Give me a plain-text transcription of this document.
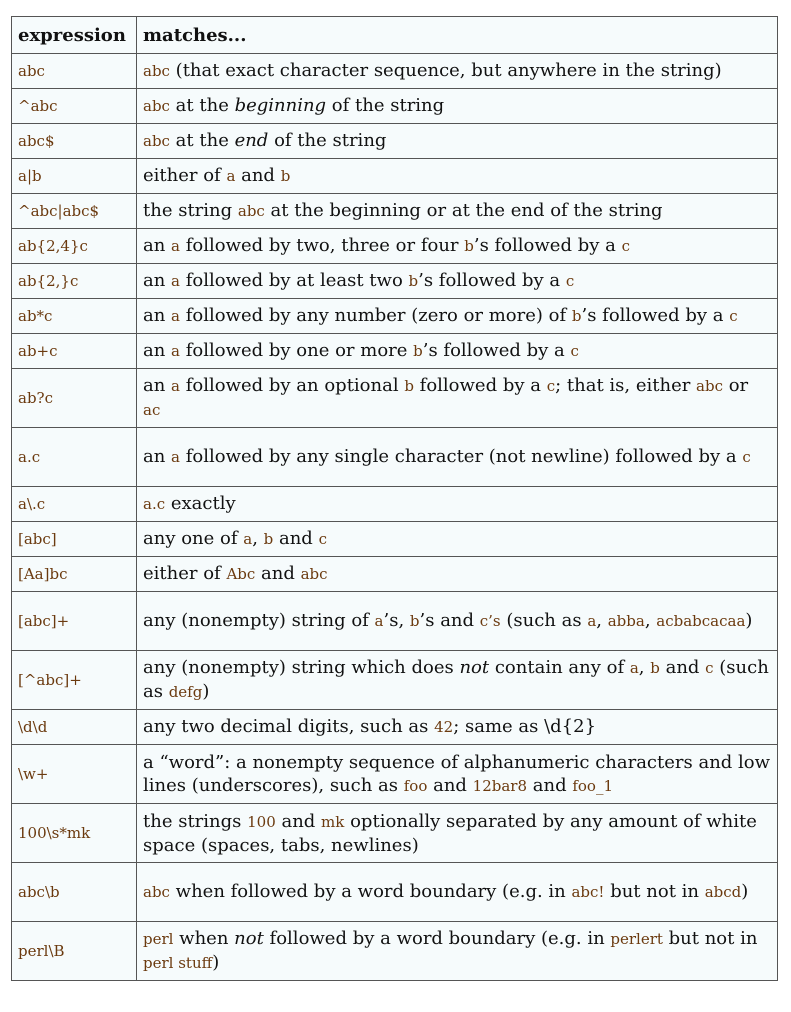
expression	matches...
abc	abc (that exact character sequence, but anywhere in the string)
^abc	abc at the beginning of the string
abc$	abc at the end of the string
a|b	either of a and b
^abc|abc$	the string abc at the beginning or at the end of the string
ab{2,4}c	an a followed by two, three or four b’s followed by a c
ab{2,}c	an a followed by at least two b’s followed by a c
ab*c	an a followed by any number (zero or more) of b’s followed by a c
ab+c	an a followed by one or more b’s followed by a c
ab?c	an a followed by an optional b followed by a c; that is, either abc or ac
a.c	an a followed by any single character (not newline) followed by a c
a\.c	a.c exactly
[abc]	any one of a, b and c
[Aa]bc	either of Abc and abc
[abc]+	any (nonempty) string of a’s, b’s and c’s (such as a, abba, acbabcacaa)
[^abc]+	any (nonempty) string which does not contain any of a, b and c (such as defg)
\d\d	any two decimal digits, such as 42; same as \d{2}
\w+	a “word”: a nonempty sequence of alphanumeric characters and low lines (underscores), such as foo and 12bar8 and foo_1
100\s*mk	the strings 100 and mk optionally separated by any amount of white space (spaces, tabs, newlines)
abc\b	abc when followed by a word boundary (e.g. in abc! but not in abcd)
perl\B	perl when not followed by a word boundary (e.g. in perlert but not in perl stuff)
